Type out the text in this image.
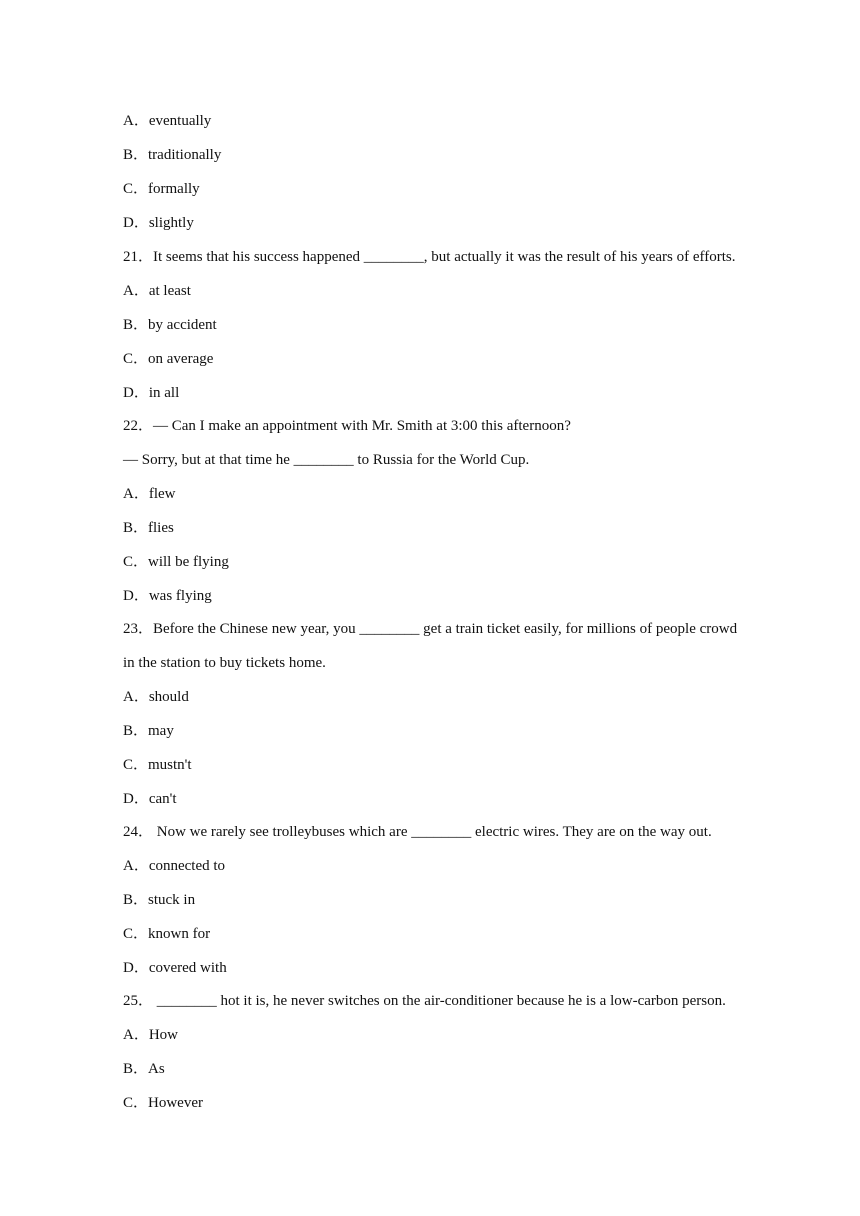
A．eventually
B．traditionally
C．formally
D．slightly
21．It seems that his success happened ________, but actually it was the result of his years of efforts.
A．at least
B．by accident
C．on average
D．in all
22．— Can I make an appointment with Mr. Smith at 3:00 this afternoon?
— Sorry, but at that time he ________ to Russia for the World Cup.
A．flew
B．flies
C．will be flying
D．was flying
23．Before the Chinese new year, you ________ get a train ticket easily, for millions of people crowd
in the station to buy tickets home.
A．should
B．may
C．mustn't
D．can't
24． Now we rarely see trolleybuses which are ________ electric wires. They are on the way out.
A．connected to
B．stuck in
C．known for
D．covered with
25． ________ hot it is, he never switches on the air-conditioner because he is a low-carbon person.
A．How
B．As
C．However
